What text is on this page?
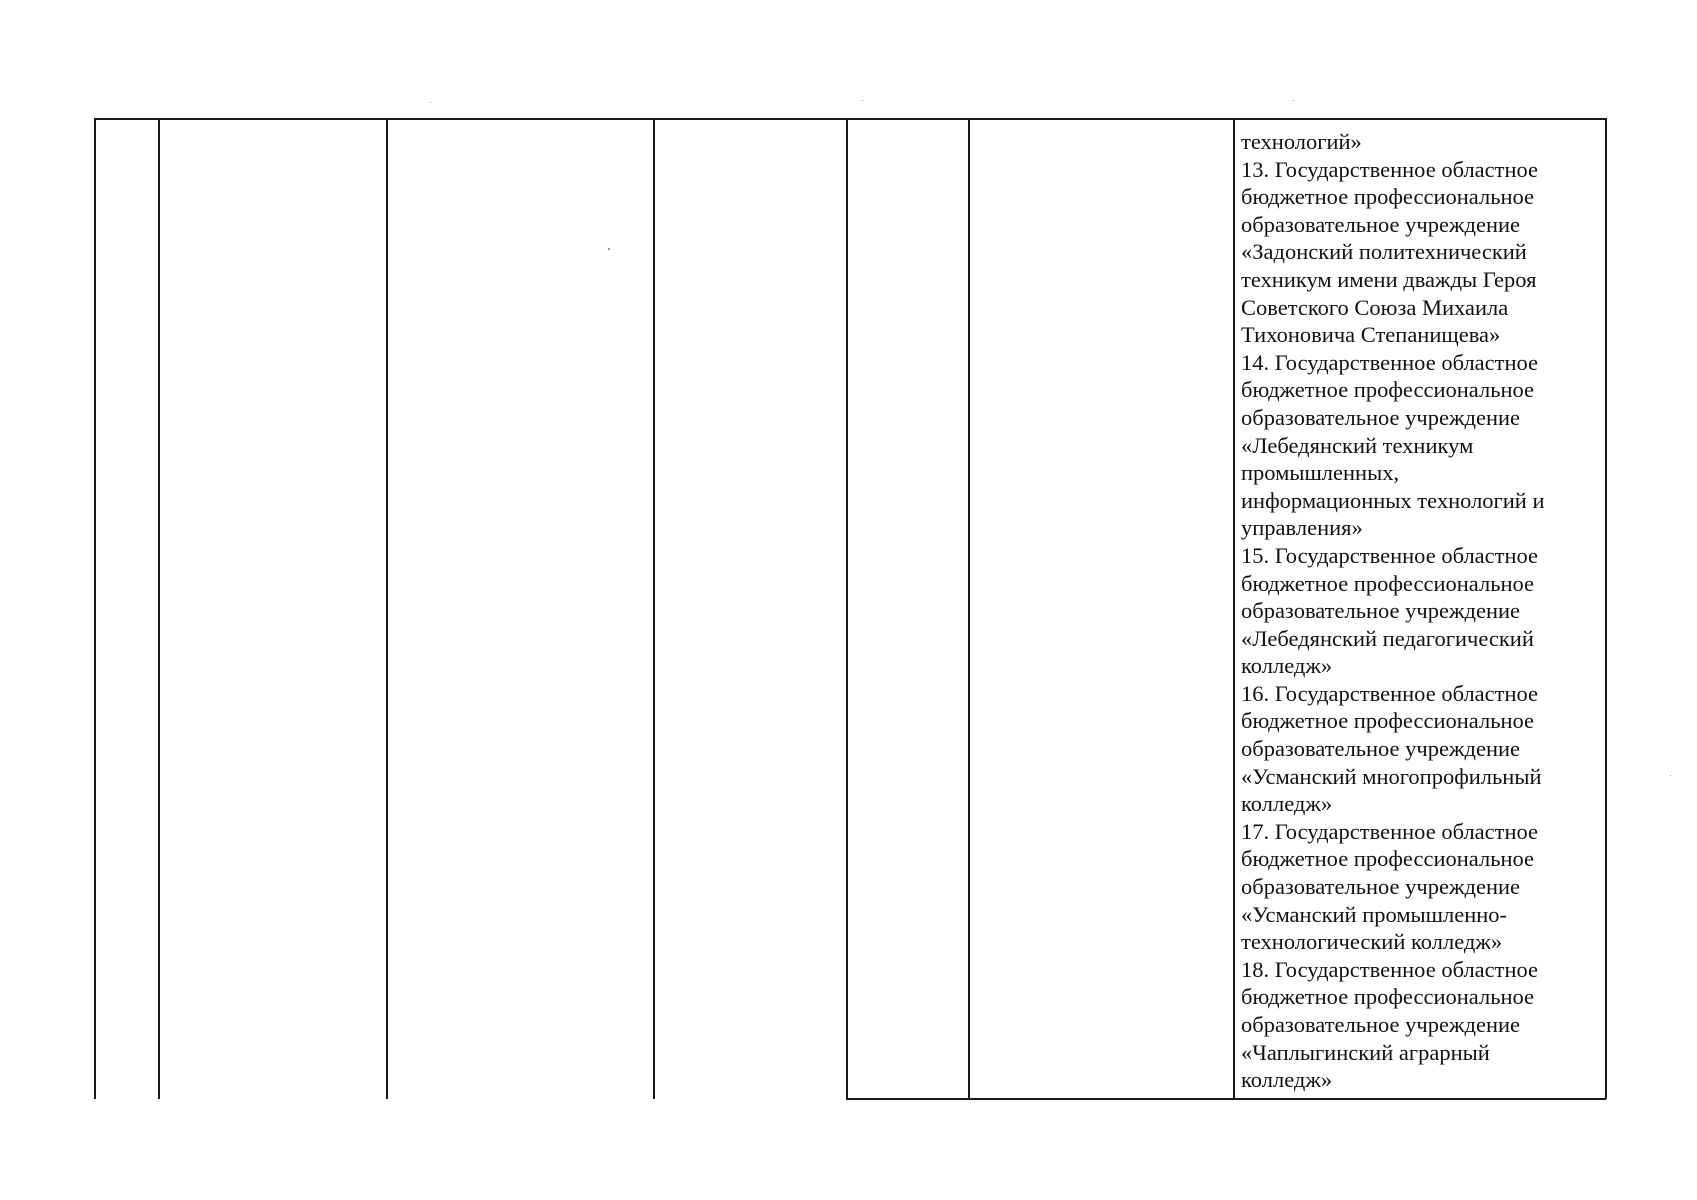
технологий»
13. Государственное областное
бюджетное профессиональное
образовательное учреждение
«Задонский политехнический
техникум имени дважды Героя
Советского Союза Михаила
Тихоновича Степанищева»
14. Государственное областное
бюджетное профессиональное
образовательное учреждение
«Лебедянский техникум
промышленных,
информационных технологий и
управления»
15. Государственное областное
бюджетное профессиональное
образовательное учреждение
«Лебедянский педагогический
колледж»
16. Государственное областное
бюджетное профессиональное
образовательное учреждение
«Усманский многопрофильный
колледж»
17. Государственное областное
бюджетное профессиональное
образовательное учреждение
«Усманский промышленно-
технологический колледж»
18. Государственное областное
бюджетное профессиональное
образовательное учреждение
«Чаплыгинский аграрный
колледж»
